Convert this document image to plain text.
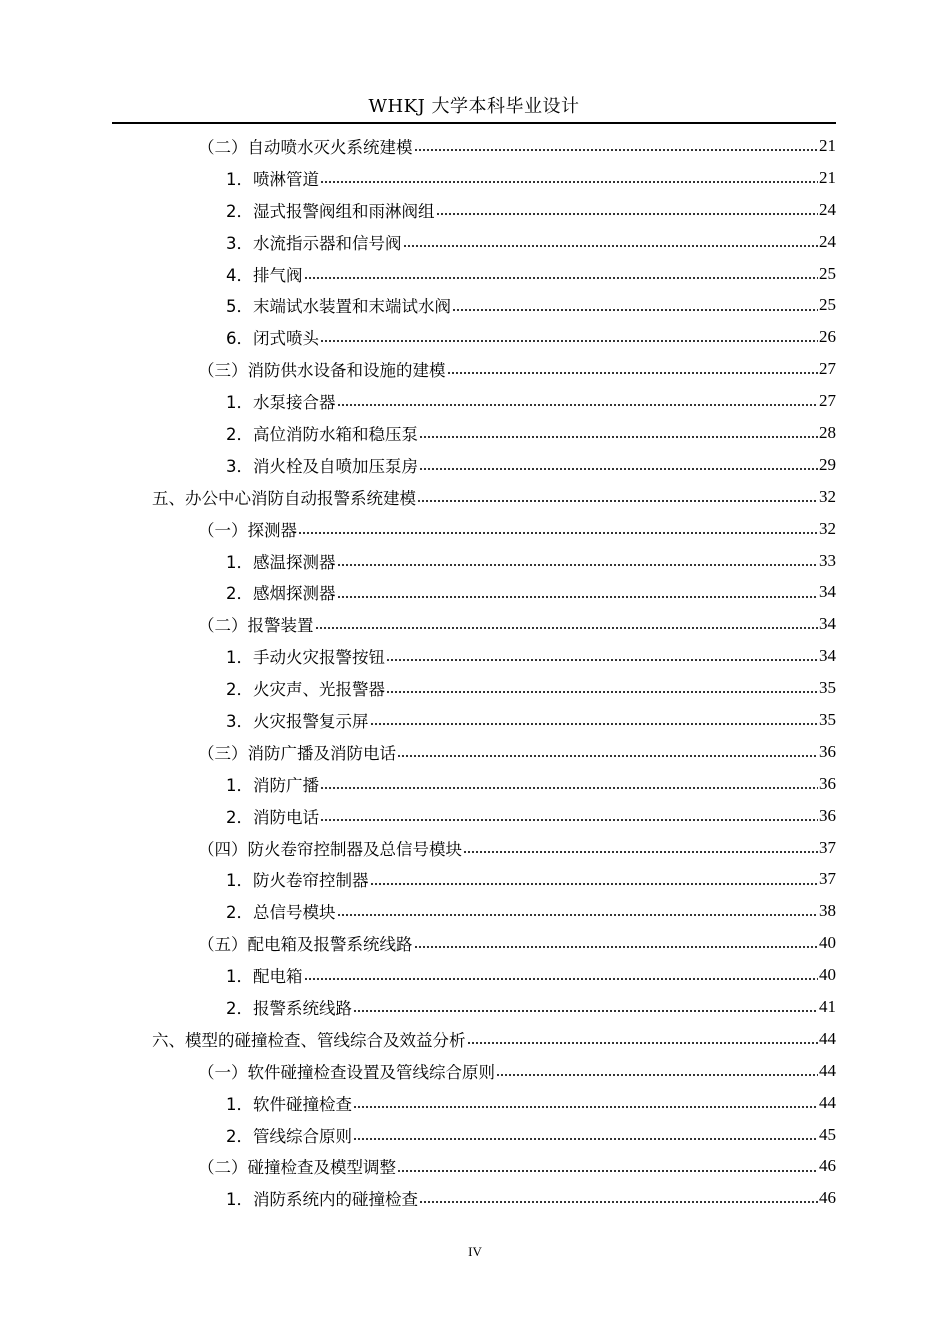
WHKJ 大学本科毕业设计
（二）自动喷水灭火系统建模	21
1．喷淋管道	21
2．湿式报警阀组和雨淋阀组	24
3．水流指示器和信号阀	24
4．排气阀	25
5．末端试水装置和末端试水阀	25
6．闭式喷头	26
（三）消防供水设备和设施的建模	27
1．水泵接合器	27
2．高位消防水箱和稳压泵	28
3．消火栓及自喷加压泵房	29
五、办公中心消防自动报警系统建模	32
（一）探测器	32
1．感温探测器	33
2．感烟探测器	34
（二）报警装置	34
1．手动火灾报警按钮	34
2．火灾声、光报警器	35
3．火灾报警复示屏	35
（三）消防广播及消防电话	36
1．消防广播	36
2．消防电话	36
（四）防火卷帘控制器及总信号模块	37
1．防火卷帘控制器	37
2．总信号模块	38
（五）配电箱及报警系统线路	40
1．配电箱	40
2．报警系统线路	41
六、模型的碰撞检查、管线综合及效益分析	44
（一）软件碰撞检查设置及管线综合原则	44
1．软件碰撞检查	44
2．管线综合原则	45
（二）碰撞检查及模型调整	46
1．消防系统内的碰撞检查	46
IV
